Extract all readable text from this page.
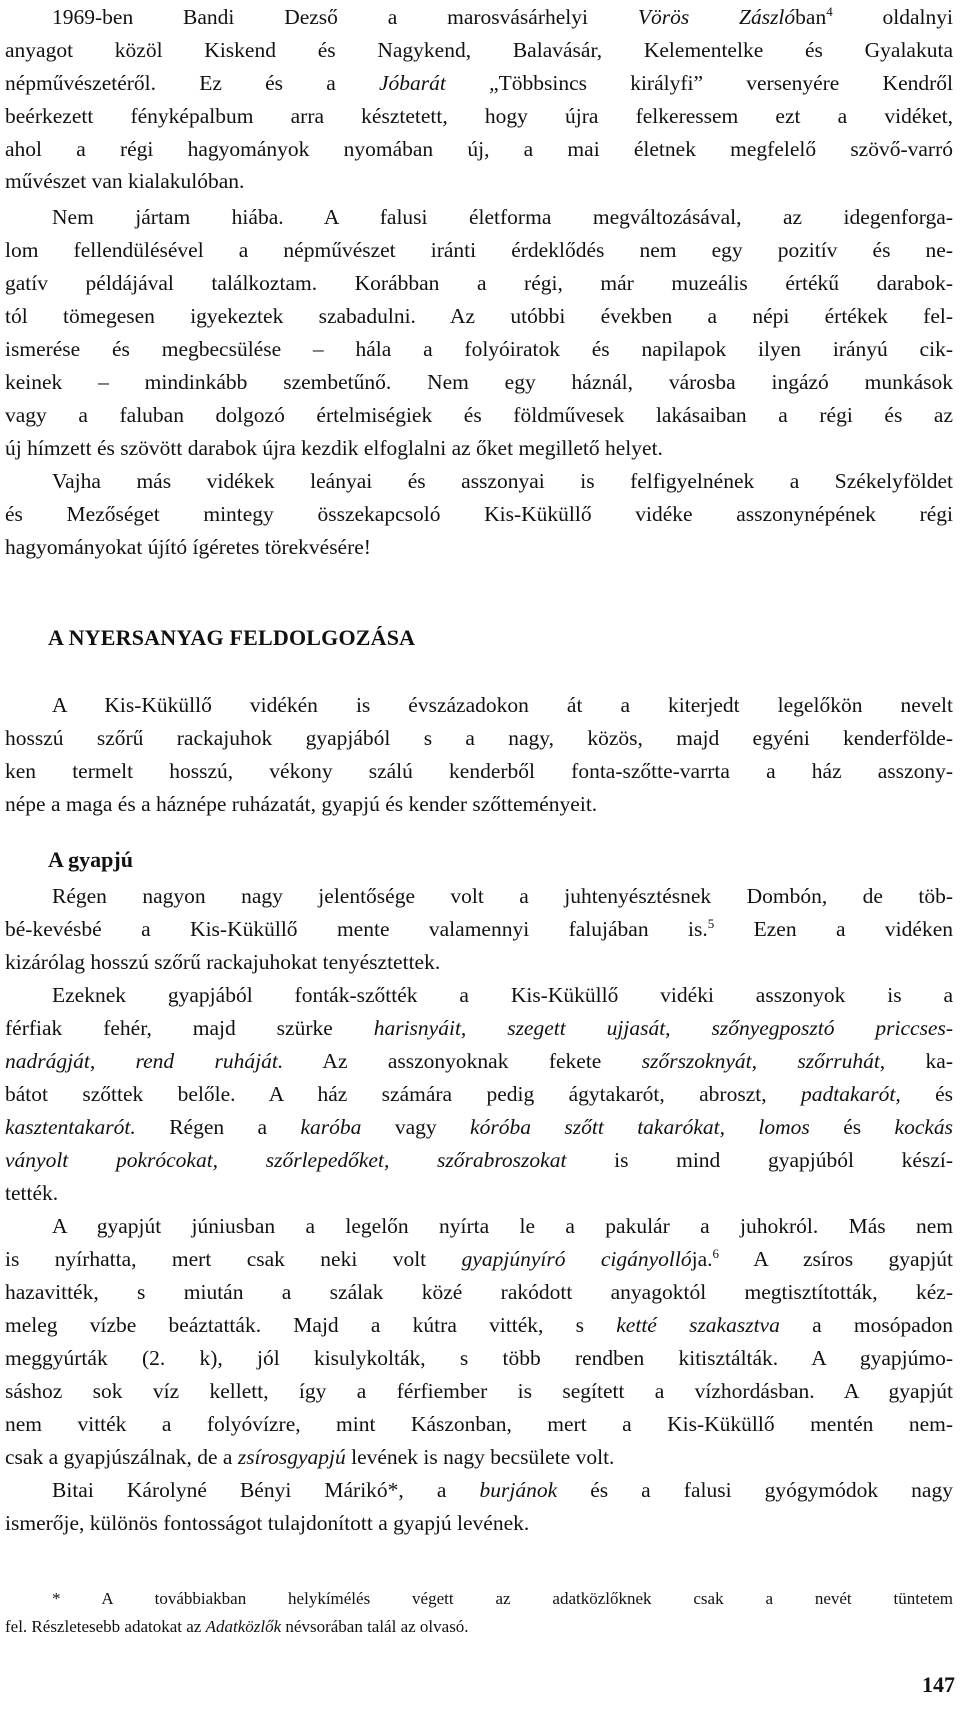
1969-ben Bandi Dezső a marosvásárhelyi Vörös Zászlóban$^4$ oldalnyi
anyagot közöl Kiskend és Nagykend, Balavásár, Kelementelke és Gyalakuta
népművészetéről. Ez és a Jóbarát „Többsincs királyfi” versenyére Kendről
beérkezett fényképalbum arra késztetett, hogy újra felkeressem ezt a vidéket,
ahol a régi hagyományok nyomában új, a mai életnek megfelelő szövő-varró
művészet van kialakulóban.
Nem jártam hiába. A falusi életforma megváltozásával, az idegenforga-
lom fellendülésével a népművészet iránti érdeklődés nem egy pozitív és ne-
gatív példájával találkoztam. Korábban a régi, már muzeális értékű darabok-
tól tömegesen igyekeztek szabadulni. Az utóbbi években a népi értékek fel-
ismerése és megbecsülése – hála a folyóiratok és napilapok ilyen irányú cik-
keinek – mindinkább szembetűnő. Nem egy háznál, városba ingázó munkások
vagy a faluban dolgozó értelmiségiek és földművesek lakásaiban a régi és az
új hímzett és szövött darabok újra kezdik elfoglalni az őket megillető helyet.
Vajha más vidékek leányai és asszonyai is felfigyelnének a Székelyföldet
és Mezőséget mintegy összekapcsoló Kis-Küküllő vidéke asszonynépének régi
hagyományokat újító ígéretes törekvésére!
A NYERSANYAG FELDOLGOZÁSA
A Kis-Küküllő vidékén is évszázadokon át a kiterjedt legelőkön nevelt
hosszú szőrű rackajuhok gyapjából s a nagy, közös, majd egyéni kenderfölde-
ken termelt hosszú, vékony szálú kenderből fonta-szőtte-varrta a ház asszony-
népe a maga és a háznépe ruházatát, gyapjú és kender szőtteményeit.
A gyapjú
Régen nagyon nagy jelentősége volt a juhtenyésztésnek Dombón, de töb-
bé-kevésbé a Kis-Küküllő mente valamennyi falujában is.$^5$ Ezen a vidéken
kizárólag hosszú szőrű rackajuhokat tenyésztettek.
Ezeknek gyapjából fonták-szőtték a Kis-Küküllő vidéki asszonyok is a
férfiak fehér, majd szürke harisnyáit, szegett ujjasát, szőnyegposztó priccses-
nadrágját, rend ruháját. Az asszonyoknak fekete szőrszoknyát, szőrruhát, ka-
bátot szőttek belőle. A ház számára pedig ágytakarót, abroszt, padtakarót, és
kasztentakarót. Régen a karóba vagy kóróba szőtt takarókat, lomos és kockás
ványolt pokrócokat, szőrlepedőket, szőrabroszokat is mind gyapjúból készí-
tették.
A gyapjút júniusban a legelőn nyírta le a pakulár a juhokról. Más nem
is nyírhatta, mert csak neki volt gyapjúnyíró cigányollója.$^6$ A zsíros gyapjút
hazavitték, s miután a szálak közé rakódott anyagoktól megtisztították, kéz-
meleg vízbe beáztatták. Majd a kútra vitték, s ketté szakasztva a mosópadon
meggyúrták (2. k), jól kisulykolták, s több rendben kitisztálták. A gyapjúmo-
sáshoz sok víz kellett, így a férfiember is segített a vízhordásban. A gyapjút
nem vitték a folyóvízre, mint Kászonban, mert a Kis-Küküllő mentén nem-
csak a gyapjúszálnak, de a zsírosgyapjú levének is nagy becsülete volt.
Bitai Károlyné Bényi Márikó*, a burjánok és a falusi gyógymódok nagy
ismerője, különös fontosságot tulajdonított a gyapjú levének.
* A továbbiakban helykímélés végett az adatközlőknek csak a nevét tüntetem
fel. Részletesebb adatokat az Adatközlők névsorában talál az olvasó.
147
